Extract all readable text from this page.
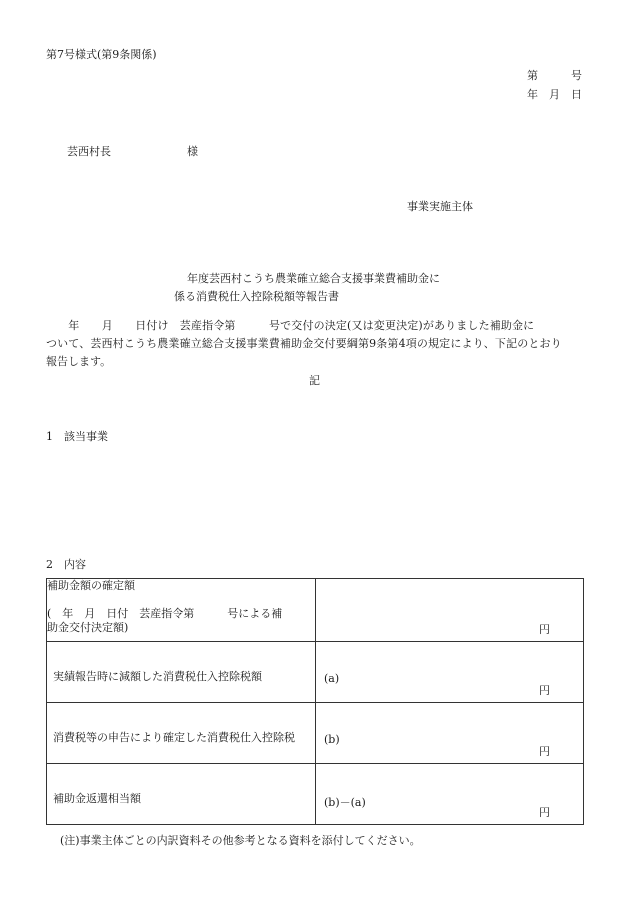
第7号様式(第9条関係)
第　　　号
年　月　日
芸西村長	様
事業実施主体
年度芸西村こうち農業確立総合支援事業費補助金に
係る消費税仕入控除税額等報告書
　　年　　月　　日付け　芸産指令第　　　号で交付の決定(又は変更決定)がありました補助金に
ついて、芸西村こうち農業確立総合支援事業費補助金交付要綱第9条第4項の規定により、下記のとおり
報告します。
記
1　該当事業
2　内容
補助金額の確定額
(　年　月　日付　芸産指令第　　　号による補
助金交付決定額)	円

実績報告時に減額した消費税仕入控除税額	(a)
円

消費税等の申告により確定した消費税仕入控除税	(b)
円

補助金返還相当額	(b)－(a)
円
(注)事業主体ごとの内訳資料その他参考となる資料を添付してください。
